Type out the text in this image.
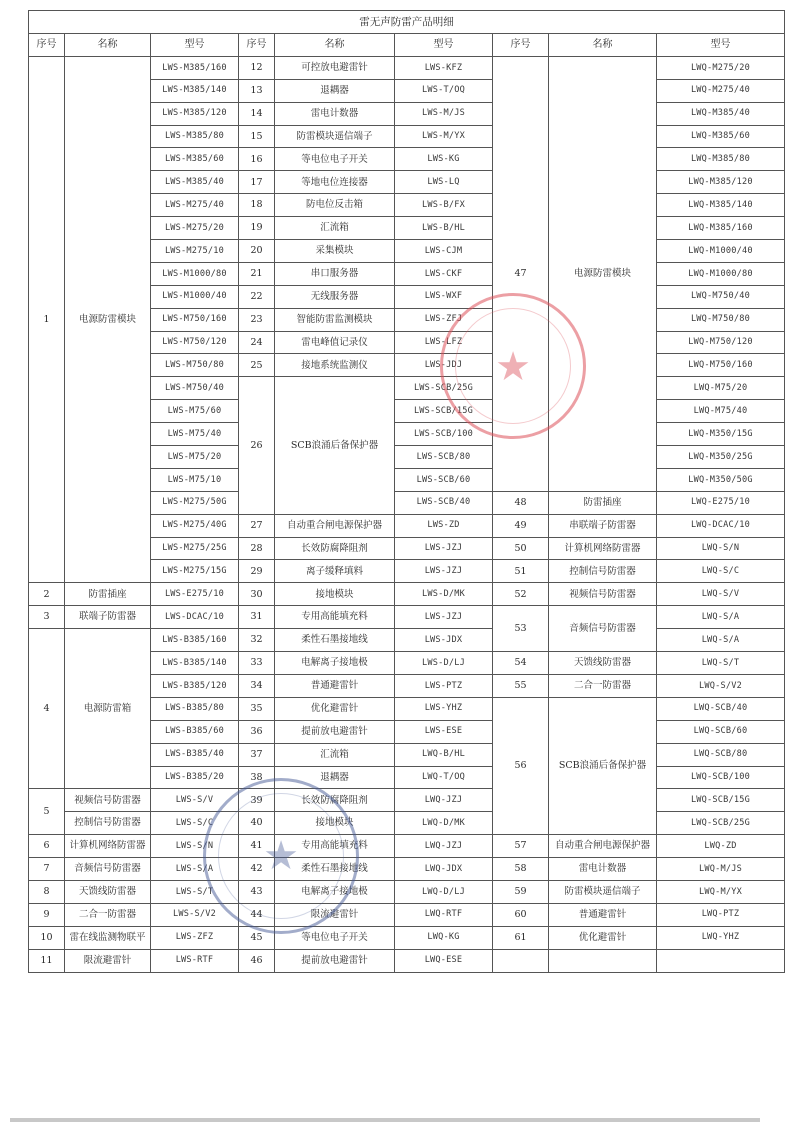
雷无声防雷产品明细								
序号	名称	型号	序号	名称	型号	序号	名称	型号
1	电源防雷模块	LWS-M385/160	12	可控放电避雷针	LWS-KFZ	47	电源防雷模块	LWQ-M275/20
		LWS-M385/140	13	退耦器	LWS-T/OQ			LWQ-M275/40
		LWS-M385/120	14	雷电计数器	LWS-M/JS			LWQ-M385/40
		LWS-M385/80	15	防雷模块遥信端子	LWS-M/YX			LWQ-M385/60
		LWS-M385/60	16	等电位电子开关	LWS-KG			LWQ-M385/80
		LWS-M385/40	17	等地电位连接器	LWS-LQ			LWQ-M385/120
		LWS-M275/40	18	防电位反击箱	LWS-B/FX			LWQ-M385/140
		LWS-M275/20	19	汇流箱	LWS-B/HL			LWQ-M385/160
		LWS-M275/10	20	采集模块	LWS-CJM			LWQ-M1000/40
		LWS-M1000/80	21	串口服务器	LWS-CKF			LWQ-M1000/80
		LWS-M1000/40	22	无线服务器	LWS-WXF			LWQ-M750/40
		LWS-M750/160	23	智能防雷监测模块	LWS-ZFJ			LWQ-M750/80
		LWS-M750/120	24	雷电峰值记录仪	LWS-LFZ			LWQ-M750/120
		LWS-M750/80	25	接地系统监测仪	LWS-JDJ			LWQ-M750/160
		LWS-M750/40	26	SCB浪涌后备保护器	LWS-SCB/25G			LWQ-M75/20
		LWS-M75/60			LWS-SCB/15G			LWQ-M75/40
		LWS-M75/40			LWS-SCB/100			LWQ-M350/15G
		LWS-M75/20			LWS-SCB/80			LWQ-M350/25G
		LWS-M75/10			LWS-SCB/60			LWQ-M350/50G
		LWS-M275/50G			LWS-SCB/40	48	防雷插座	LWQ-E275/10
		LWS-M275/40G	27	自动重合闸电源保护器	LWS-ZD	49	串联端子防雷器	LWQ-DCAC/10
		LWS-M275/25G	28	长效防腐降阻剂	LWS-JZJ	50	计算机网络防雷器	LWQ-S/N
		LWS-M275/15G	29	离子缓释填料	LWS-JZJ	51	控制信号防雷器	LWQ-S/C
2	防雷插座	LWS-E275/10	30	接地模块	LWS-D/MK	52	视频信号防雷器	LWQ-S/V
3	联端子防雷器	LWS-DCAC/10	31	专用高能填充料	LWS-JZJ	53	音频信号防雷器	LWQ-S/A
4	电源防雷箱	LWS-B385/160	32	柔性石墨接地线	LWS-JDX			LWQ-S/A
		LWS-B385/140	33	电解离子接地极	LWS-D/LJ	54	天馈线防雷器	LWQ-S/T
		LWS-B385/120	34	普通避雷针	LWS-PTZ	55	二合一防雷器	LWQ-S/V2
		LWS-B385/80	35	优化避雷针	LWS-YHZ	56	SCB浪涌后备保护器	LWQ-SCB/40
		LWS-B385/60	36	提前放电避雷针	LWS-ESE			LWQ-SCB/60
		LWS-B385/40	37	汇流箱	LWQ-B/HL			LWQ-SCB/80
		LWS-B385/20	38	退耦器	LWQ-T/OQ			LWQ-SCB/100
5	视频信号防雷器	LWS-S/V	39	长效防腐降阻剂	LWQ-JZJ			LWQ-SCB/15G
	控制信号防雷器	LWS-S/C	40	接地模块	LWQ-D/MK			LWQ-SCB/25G
6	计算机网络防雷器	LWS-S/N	41	专用高能填充料	LWQ-JZJ	57	自动重合闸电源保护器	LWQ-ZD
7	音频信号防雷器	LWS-S/A	42	柔性石墨接地线	LWQ-JDX	58	雷电计数器	LWQ-M/JS
8	天馈线防雷器	LWS-S/T	43	电解离子接地极	LWQ-D/LJ	59	防雷模块遥信端子	LWQ-M/YX
9	二合一防雷器	LWS-S/V2	44	限流避雷针	LWQ-RTF	60	普通避雷针	LWQ-PTZ
10	雷在线监测物联平	LWS-ZFZ	45	等电位电子开关	LWQ-KG	61	优化避雷针	LWQ-YHZ
11	限流避雷针	LWS-RTF	46	提前放电避雷针	LWQ-ESE			
★
★
